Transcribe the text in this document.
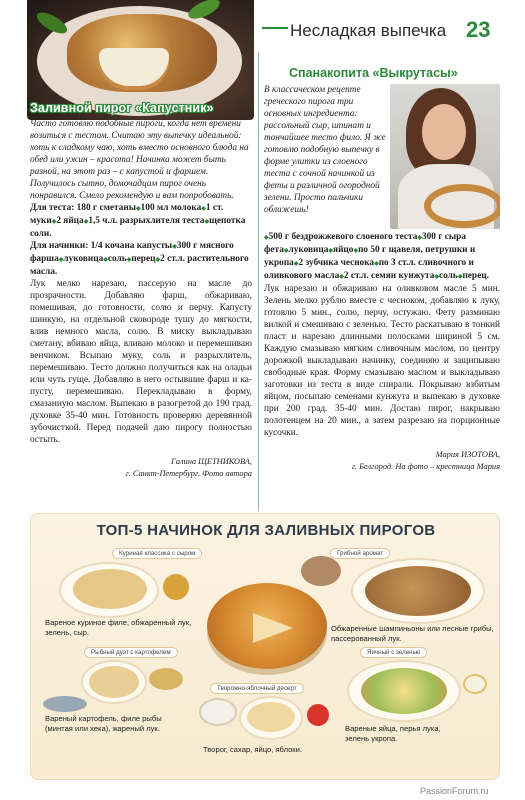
Несладкая выпечка 23
Заливной пирог «Капустник»

Часто готовлю подобные пироги, когда нет времени возиться с тестом. Считаю эту выпечку идеальной: хоть к сладкому чаю, хоть вместо основного блюда на обед или ужин – красота! Начинка может быть разной, на этот раз – с капустой и фаршем. Получилось сытно, домочадцам пирог очень понравился. Смело рекомендую и вам попробовать.

Для теста: 180 г сметаны◆100 мл молока◆1 ст. муки◆2 яйца◆1,5 ч.л. разрыхлителя теста◆щепотка соли.

Для начинки: 1/4 кочана капусты◆300 г мясного фарша◆луковица◆соль◆перец◆2 ст.л. растительного масла.

Лук мелко нарезаю, пассерую на масле до прозрачности. Добавляю фарш, обжариваю, помешивая, до готовности, солю и перчу. Капусту шинкую, на отдельной сковороде тушу до мягкости, влив немного масла, солю. В миску выкладываю сметану, вбиваю яйца, вливаю молоко и перемешиваю венчиком. Всыпаю муку, соль и разрыхлитель, перемешиваю. Тесто должно получиться как на оладьи или чуть гуще. Добавляю в него остывшие фарш и капусту, перемешиваю. Перекладываю в форму, смазанную маслом. Выпекаю в разогретой до 190 град. духовке 35-40 мин. Готовность проверяю деревянной зубочисткой. Перед подачей даю пирогу полностью остыть.

Галина ЩЕТНИКОВА,

г. Санкт-Петербург. Фото автора

Спанакопита «Выкрутасы»

В классическом рецепте греческого пирога три основных ингредиента: рассольный сыр, шпинат и тончайшее тесто фило. Я же готовлю подобную выпечку в форме улитки из слоеного теста с сочной начинкой из феты и различной огородной зелени. Просто пальчики оближешь!

◆500 г бездрожжевого слоеного теста◆300 г сыра фета◆луковица◆яйцо◆по 50 г щавеля, петрушки и укропа◆2 зубчика чеснока◆по 3 ст.л. сливочного и оливкового масла◆2 ст.л. семян кунжута◆соль◆перец.

Лук нарезаю и обжариваю на оливковом масле 5 мин. Зелень мелко рублю вместе с чесноком, добавляю к луку, готовлю 5 мин., солю, перчу, остужаю. Фету разминаю вилкой и смешиваю с зеленью. Тесто раскатываю в тонкий пласт и нарезаю длинными полосками шириной 5 см. Каждую смазываю мягким сливочным маслом, по центру дорожкой выкладываю начинку, соединяю и защипываю свободные края. Форму смазываю маслом и выкладываю заготовки из теста в виде спирали. Покрываю взбитым яйцом, посыпаю семенами кунжута и выпекаю в духовке при 200 град. 35-40 мин. Достаю пирог, накрываю полотенцем на 20 мин., а затем разрезаю на порционные кусочки.

Мария ИЗОТОВА,

г. Белгород. На фото – крестница Мария

ТОП-5 НАЧИНОК ДЛЯ ЗАЛИВНЫХ ПИРОГОВ
Куриная классика с сыром
Вареное куриное филе, обжаренный лук, зелень, сыр.
Грибной аромат
Обжаренные шампиньоны или лесные грибы, пассерованный лук.
Рыбный дуэт с картофелем
Вареный картофель, филе рыбы (минтая или хека), жареный лук.
Творожно-яблочный десерт
Творог, сахар, яйцо, яблоки.
Яичный с зеленью
Вареные яйца, перья лука, зелень укропа.
PassionForum.ru
